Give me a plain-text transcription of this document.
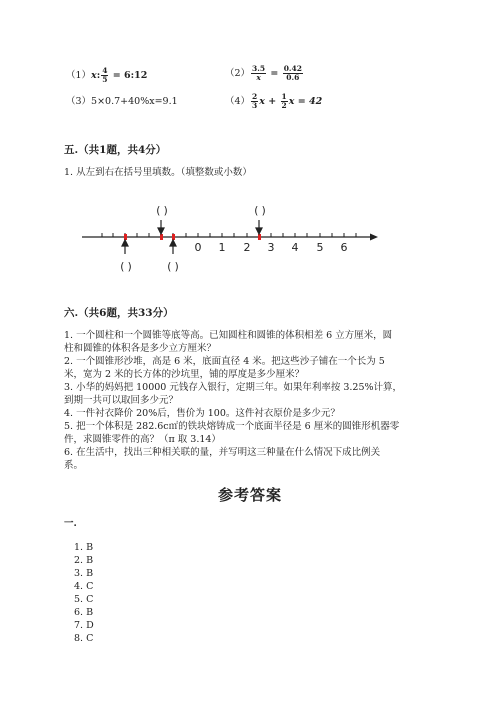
（1）x: $\frac{4}{5}$ = 6:12	$(2) \frac{3.5}{x} = \frac{0.42}{0.6}$
（3）5×0.7+40%x=9.1	$(4) \frac{2}{3}$ $x + \frac{1}{2}$ x = 42
五.（共1题，共4分）
1. 从左到右在括号里填数。（填整数或小数）
0 1 2 3 4 5 6
( )	( )
( )	( )
六.（共6题，共33分）
1. 一个圆柱和一个圆锥等底等高。已知圆柱和圆锥的体积相差 6 立方厘米，圆
柱和圆锥的体积各是多少立方厘米？
2. 一个圆锥形沙堆，高是 6 米，底面直径 4 米。把这些沙子铺在一个长为 5
米，宽为 2 米的长方体的沙坑里，铺的厚度是多少厘米？
3. 小华的妈妈把 10000 元钱存入银行，定期三年。如果年利率按 3.25%计算，
到期一共可以取回多少元？
4. 一件衬衣降价 20%后，售价为 100。这件衬衣原价是多少元？
5. 把一个体积是 282.6c㎡的铁块熔铸成一个底面半径是 6 厘米的圆锥形机器零
件，求圆锥零件的高？（π 取 3.14）
6. 在生活中，找出三种相关联的量，并写明这三种量在什么情况下成比例关
系。
参考答案
一.
1. B
2. B
3. B
4. C
5. C
6. B
7. D
8. C
